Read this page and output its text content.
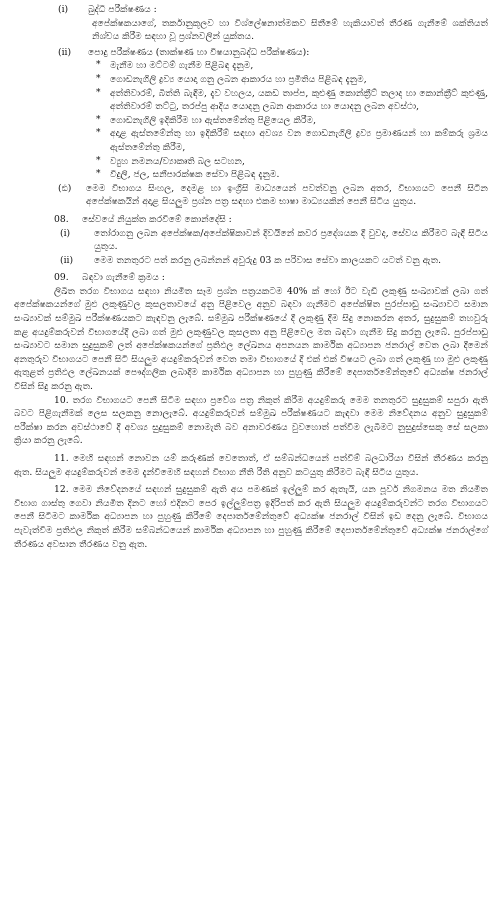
(i)	බුද්ධි පරීක්ෂණය :
අපේක්ෂකයාගේ, තර්කානුකූලව හා විශ්ලේෂනාත්මකව සිතීමේ හැකියාවත් තීරණ ගැනීමේ ශක්තියත් නිශ්චය කිරීම සඳහා වූ ප්‍රශ්නවලින් යුක්තය.
(ii)	පොදු පරීක්ෂණය (තාක්ෂණ හා විෂයානුබද්ධ පරීක්ෂණය):
*	මැනීම හා මට්ටම් ගැනීම පිළිබඳ දැනුම,
*	ගොඩනැගිලි ද්‍රව්‍ය යොදා ගනු ලබන ආකාරය හා ප්‍රමිතිය පිළිබඳ දැනුම,
*	අත්තිවාරම්, බිත්ති බැඳීම, දැව වහලය, යකඩ තාප්ප, කුළුණු කොන්ක්‍රීට් තලාද හා කොන්ක්‍රීට් කුළුණු, අත්තිවාරම් තට්ටු, තරප්පු ආදිය යොදනු ලබන ආකාරය හා යොදනු ලබන අවස්ථා,
*	ගොඩනැගිලි ඉදිකිරීම හා ඇස්තමේන්තු පිළියෙල කිරීම,
*	අදාළ ඇස්තමේන්තු හා ඉදිකිරීම් සඳහා අවශ්‍ය වන ගොඩනැගිලි ද්‍රව්‍ය ප්‍රමාණයන් හා කම්කරු ශ්‍රමය ඇස්තමේන්තු කිරීම,
*	ව්‍යුහ නමනය/ව්‍යාකෘති බල සටහන,
*	විදුලි, ජල, සනීපාරක්ෂක සේවා පිළිබඳ දැනුම.
(ඪ)	මෙම විභාගය සිංහල, දෙමළ හා ඉංග්‍රීසි මාධ්‍යයෙන් පවත්වනු ලබන අතර, විභාගයට පෙනී සිටින අපේක්ෂකයින් අදාළ සියලුම ප්‍රශ්න පත්‍ර සඳහා එකම භාෂා මාධ්‍යයකින් පෙනී සිටිය යුතුය.
08.	සේවයේ නියුක්ත කරවීමේ කොන්දේසි :
(i)	තෝරාගනු ලබන අපේක්ෂක/අපේක්ෂිකාවන් දිවයිනේ කවර ප්‍රදේශයක දී වුවද, සේවය කිරීමට බැඳී සිටිය යුතුය.
(ii)	මෙම තනතුරට පත් කරනු ලබන්නන් අවුරුදු 03 ක පරිවාස සේවා කාලයකට යටත් වනු ඇත.
09.	බඳවා ගැනීමේ ක්‍රමය :
ලිඛිත තරග විභාගය සඳහා නියමිත සෑම ප්‍රශ්න පත්‍රයකටම 40% ක් හෝ ඊට වැඩි ලකුණු සංඛ්‍යාවක් ලබා ගත් අපේක්ෂකයන්ගේ මුළු ලකුණුවල කුසලතාවයේ අනු පිළිවෙල අනුව බඳවා ගැනීමට අපේක්ෂිත පුරප්පාඩු සංඛ්‍යාවට සමාන සංඛ්‍යාවක් සම්මුඛ පරීක්ෂණයකට කැඳවනු ලැබේ. සම්මුඛ පරීක්ෂණයේ දී ලකුණු දීම සිදු නොකරන අතර, සුදුසුකම් තහවුරු කළ අයදුම්කරුවන් විභාගයේදී ලබා ගත් මුළු ලකුණුවල කුසලතා අනු පිළිවෙල මත බඳවා ගැනීම සිදු කරනු ලැබේ. පුරප්පාඩු සංඛ්‍යාවට සමාන සුදුසුකම් ලත් අපේක්ෂකයන්ගේ ප්‍රතිඵල ලේඛනය අපනයන කාර්මික අධ්‍යාපන ජනරාල් වෙත ලබා දීමෙන් අනතුරුව විභාගයට පෙනී සිටි සියලුම අයදුම්කරුවන් වෙත තමා විභාගයේ දී එක් එක් විෂයට ලබා ගත් ලකුණු හා මුළු ලකුණු ඇතුළත් ප්‍රතිඵල ලේඛනයක් පෞද්ගලික ලබාදීම කාර්මික අධ්‍යාපන හා පුහුණු කිරීමේ දෙපාර්තමේන්තුවේ අධ්‍යක්ෂ ජනරාල් විසින් සිදු කරනු ඇත.
10. තරග විභාගයට පෙනී සිටීම සඳහා ප්‍රවේශ පත්‍ර නිකුත් කිරීම අයදුම්කරු මෙම තනතුරට සුදුසුකම් සපුරා ඇති බවට පිළිගැනීමක් ලෙස සලකනු නොලැබේ. අයදුම්කරුවන් සම්මුඛ පරීක්ෂණයට කැඳවා මෙම නිවේදනය අනුව සුදුසුකම් පරීක්ෂා කරන අවස්ථාවේ දී අවශ්‍ය සුදුසුකම් නොමැති බව අනාවරණය වුවහොත් පත්වීම ලැබීමට නුසුදුස්සෙකු සේ සලකා ක්‍රියා කරනු ලැබේ.
11. මෙහි සඳහන් නොවන යම් කරුණක් වෙතොත්, ඒ සම්බන්ධයෙන් පත්වීම් බලධාරියා විසින් තීරණය කරනු ඇත. සියලුම අයදුම්කරුවන් මෙම දැන්වීමෙහි සඳහන් විභාග නීති රීති අනුව කටයුතු කිරීමට බැඳී සිටිය යුතුය.
12. මෙම නිවේදනයේ සඳහන් සුදුසුකම් ඇති අය පමණක් ඉල්ලුම් කර ඇතැයි, යන පූර්ව නිගමනය මත නියමිත විභාග ගාස්තු ගෙවා නියමිත දිනට හෝ එදිනට පෙර ඉල්ලුම්පත්‍ර ඉදිරිපත් කර ඇති සියලුම අයදුම්කරුවන්ට තරග විභාගයට පෙනී සිටීමට කාර්මික අධ්‍යාපන හා පුහුණු කිරීමේ දෙපාර්තමේන්තුවේ අධ්‍යක්ෂ ජනරාල් විසින් ඉඩ දෙනු ලැබේ. විභාගය පැවැත්වීම ප්‍රතිඵල නිකුත් කිරීම සම්බන්ධයෙන් කාර්මික අධ්‍යාපන හා පුහුණු කිරීමේ දෙපාර්තමේන්තුවේ අධ්‍යක්ෂ ජනරාල්ගේ තීරණය අවසාන තීරණය වනු ඇත.
